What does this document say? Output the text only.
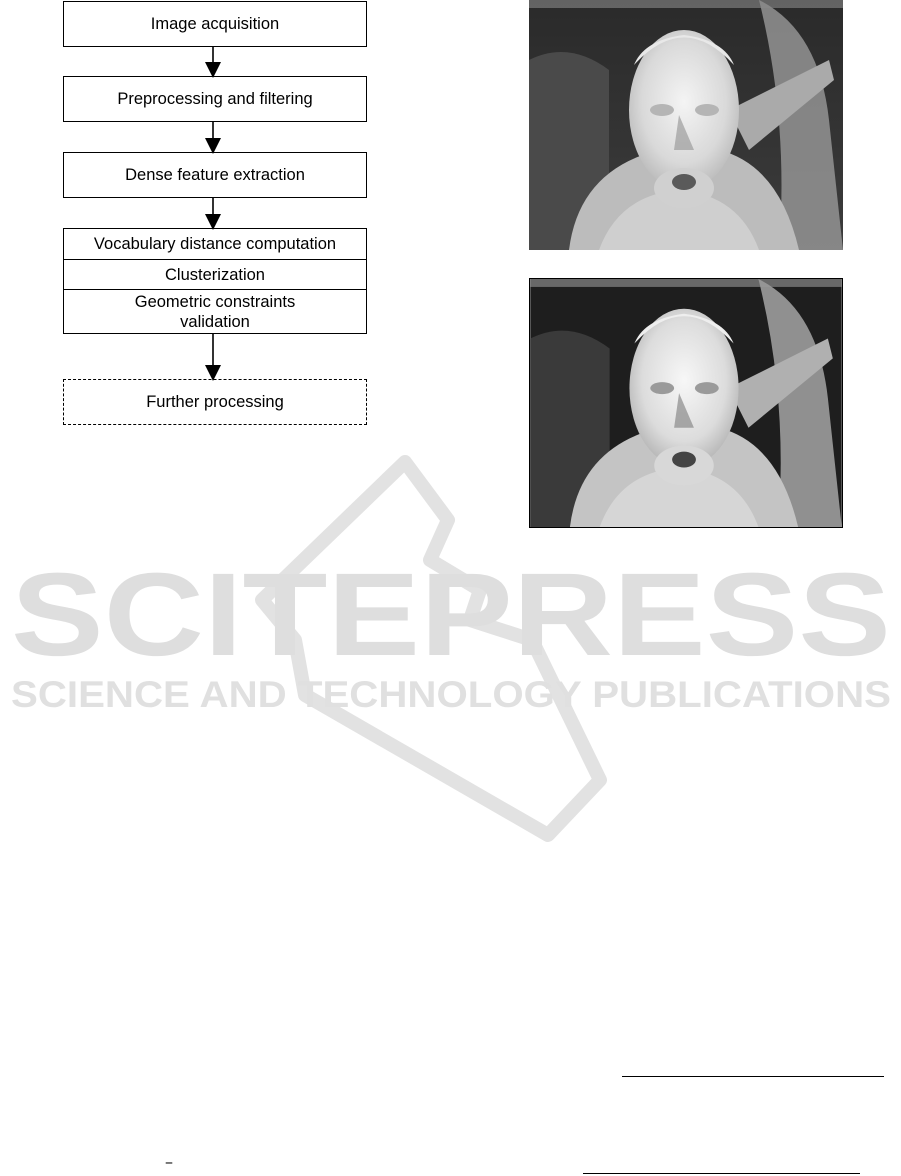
SCITEPRESS
SCIENCE AND TECHNOLOGY PUBLICATIONS
Image acquisition
Preprocessing and filtering
Dense feature extraction
Vocabulary distance computation
Clusterization
Geometric constraints validation
Further processing
–
